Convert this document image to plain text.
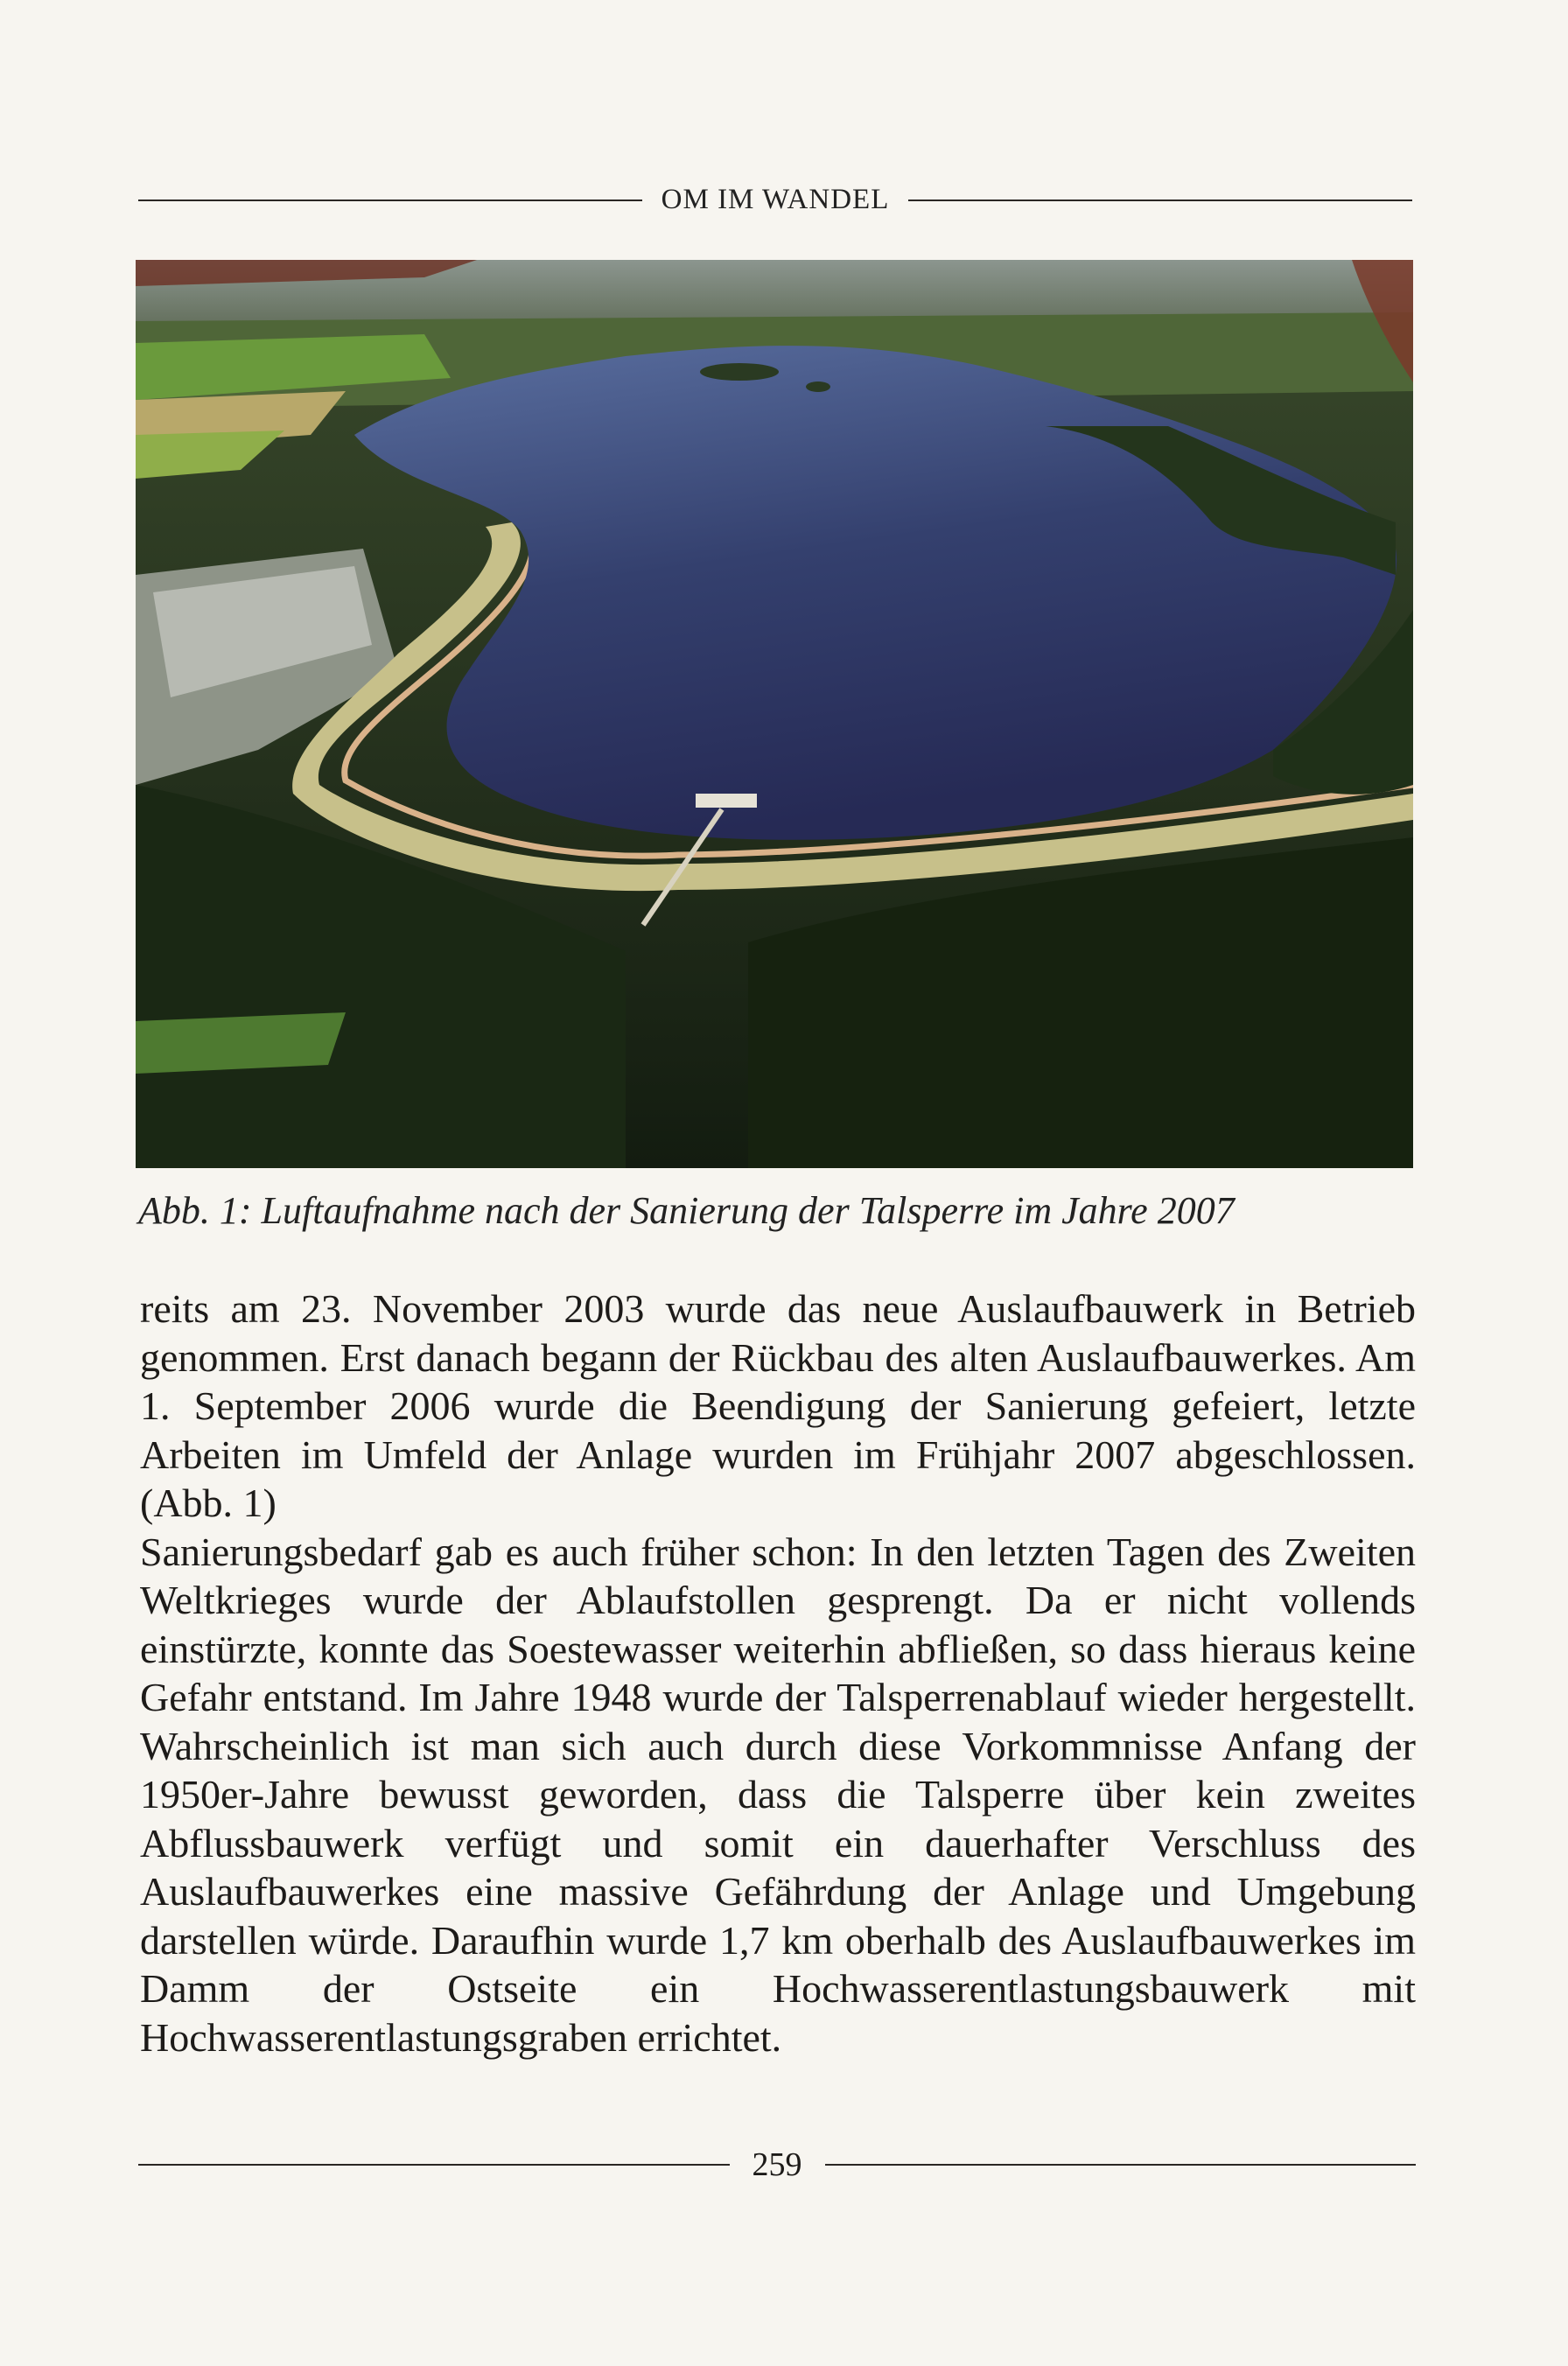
OM IM WANDEL
Abb. 1: Luftaufnahme nach der Sanierung der Talsperre im Jahre 2007

reits am 23. November 2003 wurde das neue Auslaufbauwerk in Betrieb genommen. Erst danach begann der Rückbau des alten Auslaufbauwerkes. Am 1. September 2006 wurde die Beendigung der Sanierung gefeiert, letzte Arbeiten im Umfeld der Anlage wurden im Frühjahr 2007 abgeschlossen. (Abb. 1)

Sanierungsbedarf gab es auch früher schon: In den letzten Tagen des Zweiten Weltkrieges wurde der Ablaufstollen gesprengt. Da er nicht vollends einstürzte, konnte das Soestewasser weiterhin abfließen, so dass hieraus keine Gefahr entstand. Im Jahre 1948 wurde der Talsperrenablauf wieder hergestellt. Wahrscheinlich ist man sich auch durch diese Vorkommnisse Anfang der 1950er-Jahre bewusst geworden, dass die Talsperre über kein zweites Abflussbauwerk verfügt und somit ein dauerhafter Verschluss des Auslaufbauwerkes eine massive Gefährdung der Anlage und Umgebung darstellen würde. Daraufhin wurde 1,7 km oberhalb des Auslaufbauwerkes im Damm der Ostseite ein Hochwasserentlastungsbauwerk mit Hochwasserentlastungsgraben errichtet.

259
